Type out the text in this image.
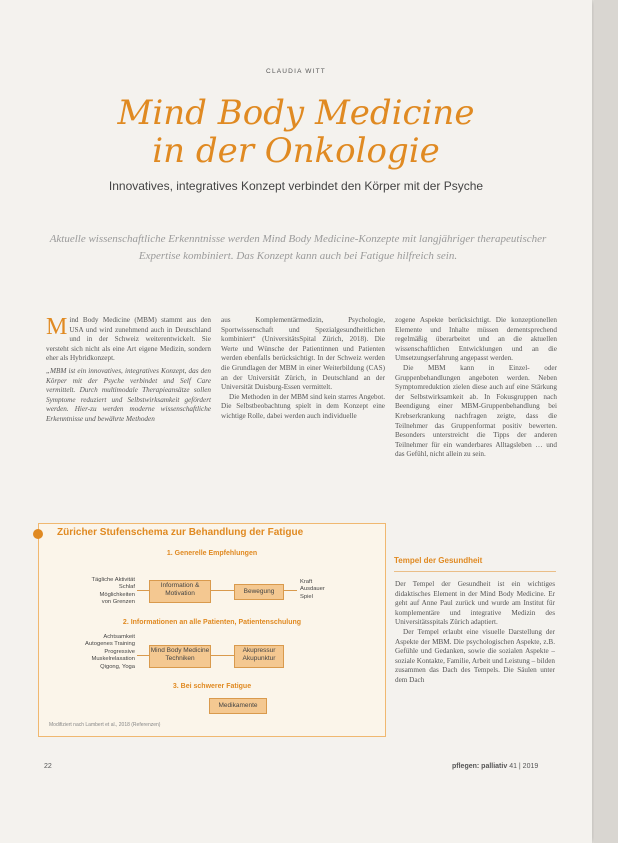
CLAUDIA WITT
Mind Body Medicine
in der Onkologie
Innovatives, integratives Konzept verbindet den Körper mit der Psyche
Aktuelle wissenschaftliche Erkenntnisse werden Mind Body Medicine-Konzepte mit langjähriger therapeutischer Expertise kombiniert. Das Konzept kann auch bei Fatigue hilfreich sein.

Mind Body Medicine (MBM) stammt aus den USA und wird zunehmend auch in Deutschland und in der Schweiz weiterentwickelt. Sie versteht sich nicht als eine Art eigene Medizin, sondern eher als Hybridkonzept.

„MBM ist ein innovatives, integratives Konzept, das den Körper mit der Psyche verbindet und Self Care vermittelt. Durch multimodale Therapieansätze sollen Symptome reduziert und Selbstwirksamkeit gefördert werden. Hier-zu werden moderne wissenschaftliche Erkenntnisse und bewährte Methoden

aus Komplementärmedizin, Psychologie, Sportwissenschaft und Spezialgesundheitlichen kombiniert“ (UniversitätsSpital Zürich, 2018). Die Werte und Wünsche der Patientinnen und Patienten werden ebenfalls berücksichtigt. In der Schweiz werden die Grundlagen der MBM in einer Weiterbildung (CAS) an der Universität Zürich, in Deutschland an der Universität Duisburg-Essen vermittelt.

Die Methoden in der MBM sind kein starres Angebot. Die Selbstbeobachtung spielt in dem Konzept eine wichtige Rolle, dabei werden auch individuelle

zogene Aspekte berücksichtigt. Die konzeptionellen Elemente und Inhalte müssen dementsprechend regelmäßig überarbeitet und an die aktuellen wissenschaftlichen Entwicklungen und an die Umsetzungserfahrung angepasst werden.

Die MBM kann in Einzel- oder Gruppenbehandlungen angeboten werden. Neben Symptomreduktion zielen diese auch auf eine Stärkung der Selbstwirksamkeit ab. In Fokusgruppen nach Beendigung einer MBM-Gruppenbehandlung bei Krebserkrankung nachfragen zeigte, dass die Teilnehmer das Gruppenformat positiv bewerten. Besonders unterstreicht die Tipps der anderen Teilnehmer für ein wanderbares Alltagsleben … und das Gefühl, nicht allein zu sein.

Züricher Stufenschema zur Behandlung der Fatigue
1. Generelle Empfehlungen
Tägliche Aktivität
Schlaf
Möglichkeiten
von Grenzen
Information & Motivation	Bewegung
Kraft
Ausdauer
Spiel
2. Informationen an alle Patienten, Patientenschulung
Achtsamkeit
Autogenes Training
Progressive
Muskelrelaxation
Qigong, Yoga
Mind Body Medicine Techniken
Akupressur Akupunktur
3. Bei schwerer Fatigue
Medikamente
Modifiziert nach Lambert et al., 2018 (Referenzen)
Tempel der Gesundheit

Der Tempel der Gesundheit ist ein wichtiges didaktisches Element in der Mind Body Medicine. Er geht auf Anne Paul zurück und wurde am Institut für komplementäre und integrative Medizin des Universitätsspitals Zürich adaptiert.

Der Tempel erlaubt eine visuelle Darstellung der Aspekte der MBM. Die psychologischen Aspekte, z.B. Gefühle und Gedanken, sowie die sozialen Aspekte – soziale Kontakte, Familie, Arbeit und Leistung – bilden zusammen das Dach des Tempels. Die Säulen unter dem Dach

22	pflegen: palliativ 41 | 2019
